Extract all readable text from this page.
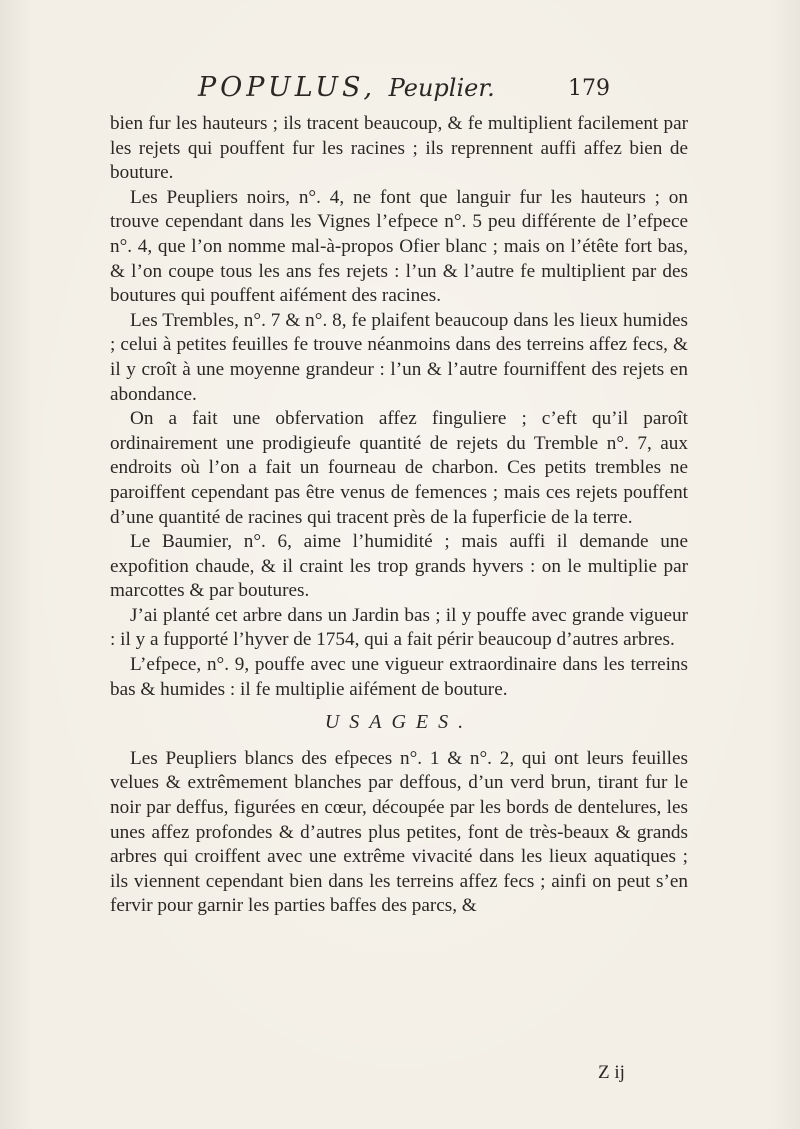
POPULUS, Peuplier.	179

bien fur les hauteurs ; ils tracent beaucoup, & fe multiplient facilement par les rejets qui pouffent fur les racines ; ils reprennent auffi affez bien de bouture.

Les Peupliers noirs, n°. 4, ne font que languir fur les hauteurs ; on trouve cependant dans les Vignes l’efpece n°. 5 peu différente de l’efpece n°. 4, que l’on nomme mal-à-propos Ofier blanc ; mais on l’étête fort bas, & l’on coupe tous les ans fes rejets : l’un & l’autre fe multiplient par des boutures qui pouffent aifément des racines.

Les Trembles, n°. 7 & n°. 8, fe plaifent beaucoup dans les lieux humides ; celui à petites feuilles fe trouve néanmoins dans des terreins affez fecs, & il y croît à une moyenne grandeur : l’un & l’autre fourniffent des rejets en abondance.

On a fait une obfervation affez finguliere ; c’eft qu’il paroît ordinairement une prodigieufe quantité de rejets du Tremble n°. 7, aux endroits où l’on a fait un fourneau de charbon. Ces petits trembles ne paroiffent cependant pas être venus de femences ; mais ces rejets pouffent d’une quantité de racines qui tracent près de la fuperficie de la terre.

Le Baumier, n°. 6, aime l’humidité ; mais auffi il demande une expofition chaude, & il craint les trop grands hyvers : on le multiplie par marcottes & par boutures.

J’ai planté cet arbre dans un Jardin bas ; il y pouffe avec grande vigueur : il y a fupporté l’hyver de 1754, qui a fait périr beaucoup d’autres arbres.

L’efpece, n°. 9, pouffe avec une vigueur extraordinaire dans les terreins bas & humides : il fe multiplie aifément de bouture.

USAGES.

Les Peupliers blancs des efpeces n°. 1 & n°. 2, qui ont leurs feuilles velues & extrêmement blanches par deffous, d’un verd brun, tirant fur le noir par deffus, figurées en cœur, découpée par les bords de dentelures, les unes affez profondes & d’autres plus petites, font de très-beaux & grands arbres qui croiffent avec une extrême vivacité dans les lieux aquatiques ; ils viennent cependant bien dans les terreins affez fecs ; ainfi on peut s’en fervir pour garnir les parties baffes des parcs, &

Z ij
